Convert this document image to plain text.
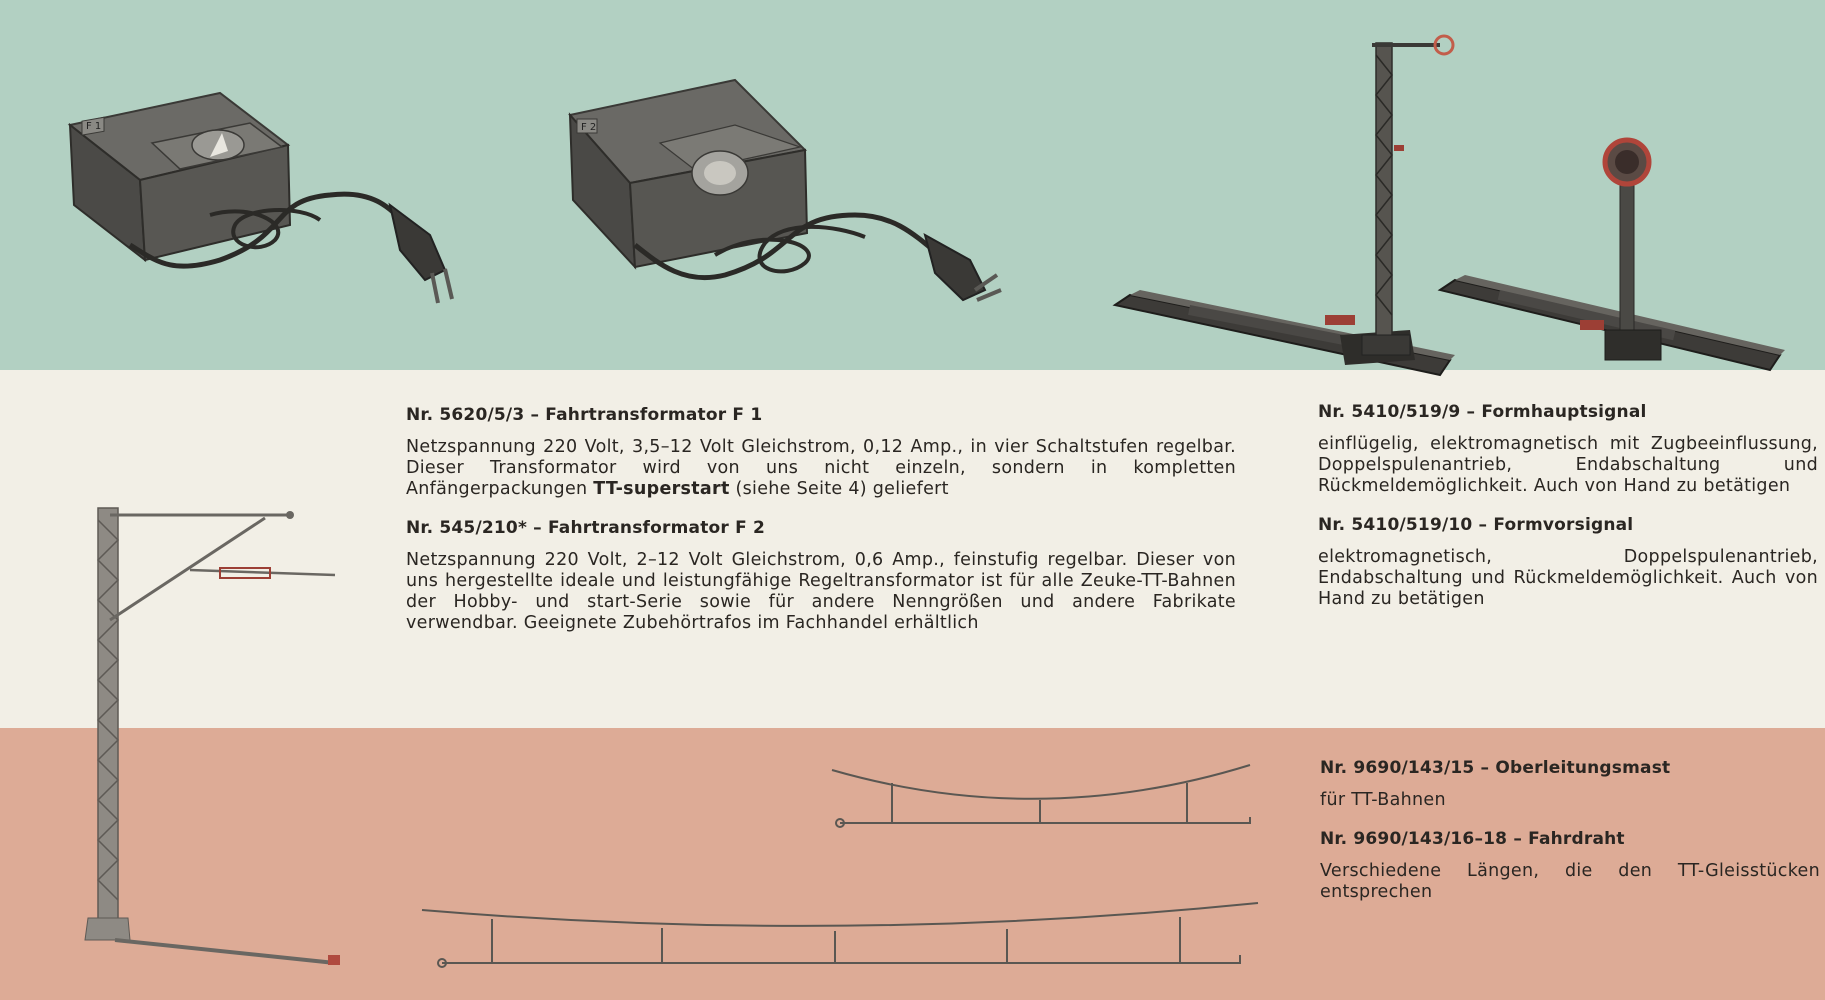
F 1	F 2

Nr. 5620/5/3 – Fahrtransformator F 1

Netzspannung 220 Volt, 3,5–12 Volt Gleichstrom, 0,12 Amp., in vier Schaltstufen regelbar. Dieser Transformator wird von uns nicht einzeln, sondern in kompletten Anfängerpackungen TT-superstart (siehe Seite 4) geliefert

Nr. 545/210* – Fahrtransformator F 2

Netzspannung 220 Volt, 2–12 Volt Gleichstrom, 0,6 Amp., feinstufig regelbar. Dieser von uns hergestellte ideale und leistungfähige Regeltransformator ist für alle Zeuke-TT-Bahnen der Hobby- und start-Serie sowie für andere Nenngrößen und andere Fabrikate verwendbar. Geeignete Zubehörtrafos im Fachhandel erhältlich

Nr. 5410/519/9 – Formhauptsignal

einflügelig, elektromagnetisch mit Zugbeeinflussung, Doppelspulenantrieb, Endabschaltung und Rückmeldemöglichkeit. Auch von Hand zu betätigen

Nr. 5410/519/10 – Formvorsignal

elektromagnetisch, Doppelspulenantrieb, Endabschaltung und Rückmeldemöglichkeit. Auch von Hand zu betätigen

Nr. 9690/143/15 – Oberleitungsmast

für TT-Bahnen

Nr. 9690/143/16–18 – Fahrdraht

Verschiedene Längen, die den TT-Gleisstücken entsprechen
